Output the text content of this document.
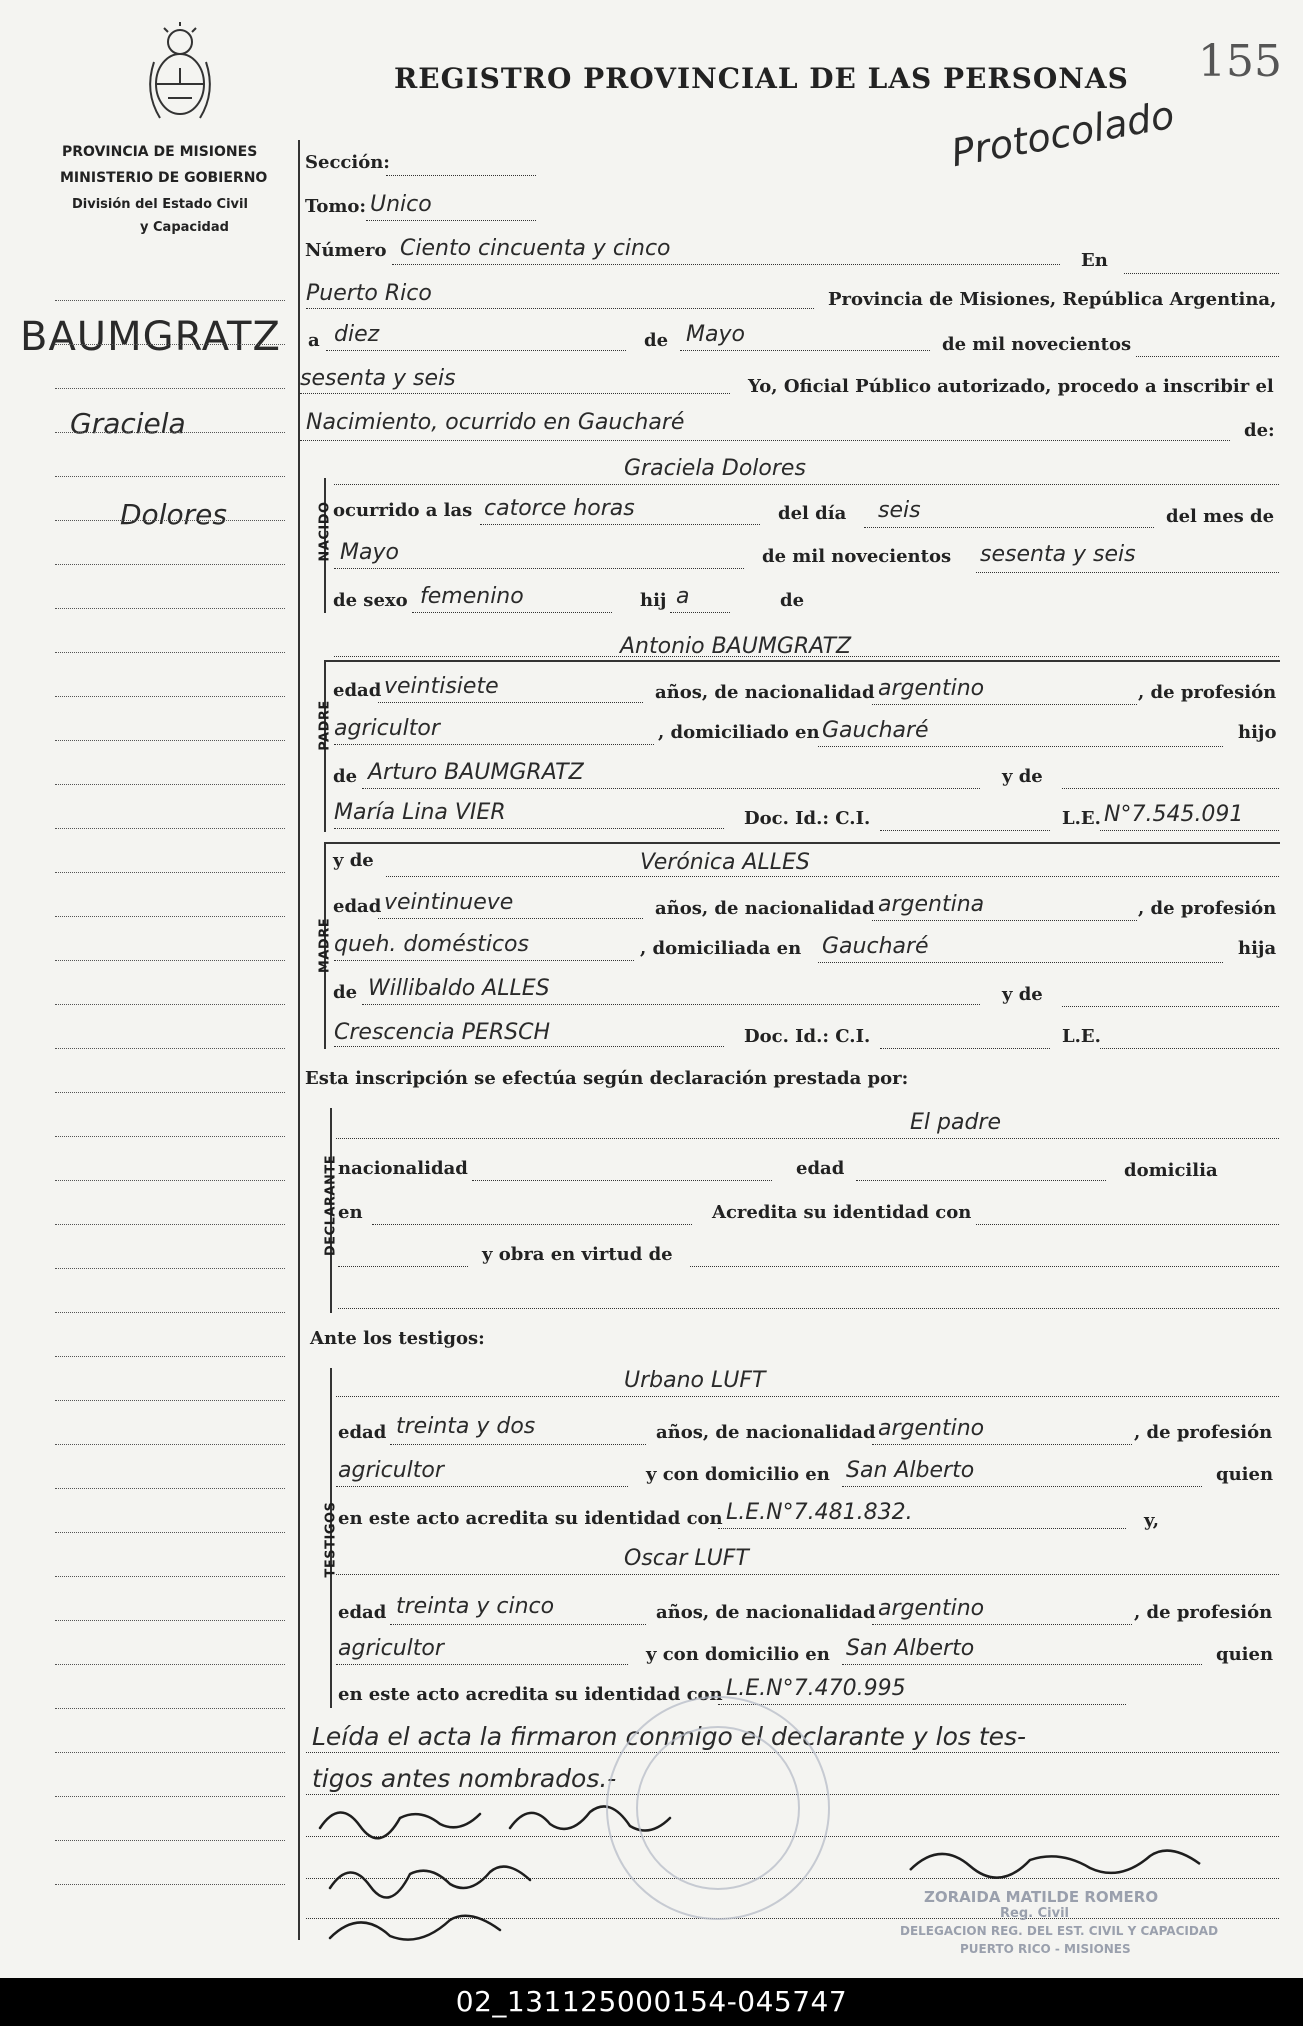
PROVINCIA DE MISIONES
MINISTERIO DE GOBIERNO
División del Estado Civil
y Capacidad
REGISTRO PROVINCIAL DE LAS PERSONAS 155
Protocolado
BAUMGRATZ
Graciela
Dolores
Sección:
Tomo: Unico
Número Ciento cincuenta y cinco	En
Puerto Rico	Provincia de Misiones, República Argentina,
a diez	de Mayo	de mil novecientos
sesenta y seis	Yo, Oficial Público autorizado, procedo a inscribir el
Nacimiento, ocurrido en Gaucharé	de:
NACIDO
Graciela Dolores
ocurrido a las catorce horas	del día seis	del mes de
Mayo	de mil novecientos sesenta y seis
de sexo femenino	hij a	de
PADRE
Antonio BAUMGRATZ
edad veintisiete	años, de nacionalidad argentino	, de profesión
agricultor	, domiciliado en Gaucharé	hijo
de Arturo BAUMGRATZ	y de
María Lina VIER	Doc. Id.: C.I.	L.E. N°7.545.091
MADRE
y de	Verónica ALLES
edad veintinueve	años, de nacionalidad argentina	, de profesión
queh. domésticos	, domiciliada en Gaucharé	hija
de Willibaldo ALLES	y de
Crescencia PERSCH	Doc. Id.: C.I.	L.E.
Esta inscripción se efectúa según declaración prestada por:
DECLARANTE
El padre
nacionalidad	edad	domicilia
en	Acredita su identidad con
y obra en virtud de
Ante los testigos:
TESTIGOS
Urbano LUFT
edad treinta y dos	años, de nacionalidad argentino	, de profesión
agricultor	y con domicilio en San Alberto	quien
en este acto acredita su identidad con L.E.N°7.481.832.	y,
Oscar LUFT
edad treinta y cinco	años, de nacionalidad argentino	, de profesión
agricultor	y con domicilio en San Alberto	quien
en este acto acredita su identidad con L.E.N°7.470.995
Leída el acta la firmaron conmigo el declarante y los tes-
tigos antes nombrados.-
ZORAIDA MATILDE ROMERO
Reg. Civil
DELEGACION REG. DEL EST. CIVIL Y CAPACIDAD
PUERTO RICO - MISIONES
02_131125000154-045747
